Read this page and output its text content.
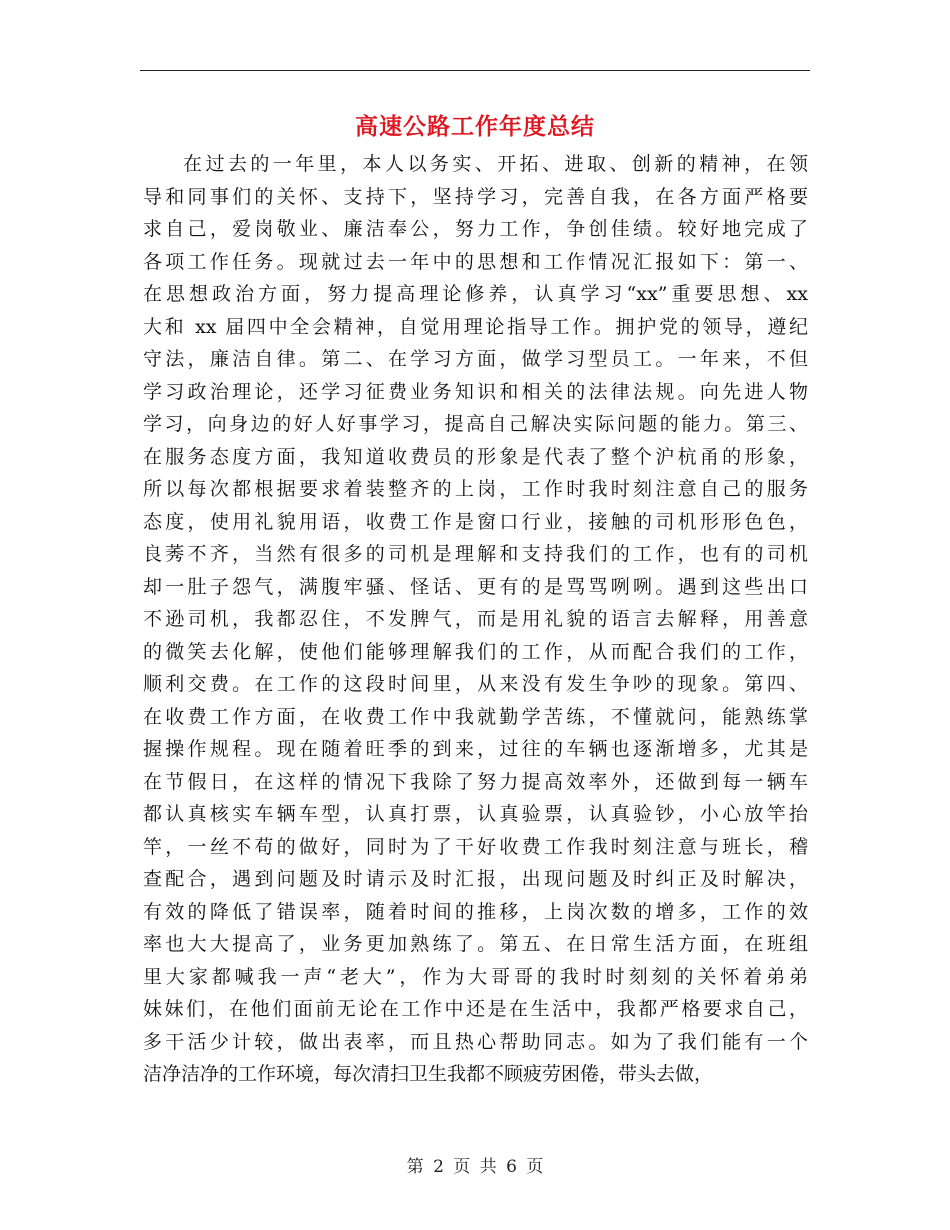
高速公路工作年度总结
在过去的一年里，本人以务实、开拓、进取、创新的精神，在领
导和同事们的关怀、支持下，坚持学习，完善自我，在各方面严格要
求自己，爱岗敬业、廉洁奉公，努力工作，争创佳绩。较好地完成了
各项工作任务。现就过去一年中的思想和工作情况汇报如下：第一、
在思想政治方面，努力提高理论修养，认真学习“xx”重要思想、xx
大和 xx 届四中全会精神，自觉用理论指导工作。拥护党的领导，遵纪
守法，廉洁自律。第二、在学习方面，做学习型员工。一年来，不但
学习政治理论，还学习征费业务知识和相关的法律法规。向先进人物
学习，向身边的好人好事学习，提高自己解决实际问题的能力。第三、
在服务态度方面，我知道收费员的形象是代表了整个沪杭甬的形象，
所以每次都根据要求着装整齐的上岗，工作时我时刻注意自己的服务
态度，使用礼貌用语，收费工作是窗口行业，接触的司机形形色色，
良莠不齐，当然有很多的司机是理解和支持我们的工作，也有的司机
却一肚子怨气，满腹牢骚、怪话、更有的是骂骂咧咧。遇到这些出口
不逊司机，我都忍住，不发脾气，而是用礼貌的语言去解释，用善意
的微笑去化解，使他们能够理解我们的工作，从而配合我们的工作，
顺利交费。在工作的这段时间里，从来没有发生争吵的现象。第四、
在收费工作方面，在收费工作中我就勤学苦练，不懂就问，能熟练掌
握操作规程。现在随着旺季的到来，过往的车辆也逐渐增多，尤其是
在节假日，在这样的情况下我除了努力提高效率外，还做到每一辆车
都认真核实车辆车型，认真打票，认真验票，认真验钞，小心放竿抬
竿，一丝不苟的做好，同时为了干好收费工作我时刻注意与班长，稽
查配合，遇到问题及时请示及时汇报，出现问题及时纠正及时解决，
有效的降低了错误率，随着时间的推移，上岗次数的增多，工作的效
率也大大提高了，业务更加熟练了。第五、在日常生活方面，在班组
里大家都喊我一声“老大”，作为大哥哥的我时时刻刻的关怀着弟弟
妹妹们，在他们面前无论在工作中还是在生活中，我都严格要求自己，
多干活少计较，做出表率，而且热心帮助同志。如为了我们能有一个
洁净洁净的工作环境，每次清扫卫生我都不顾疲劳困倦，带头去做，
第 2 页 共 6 页
